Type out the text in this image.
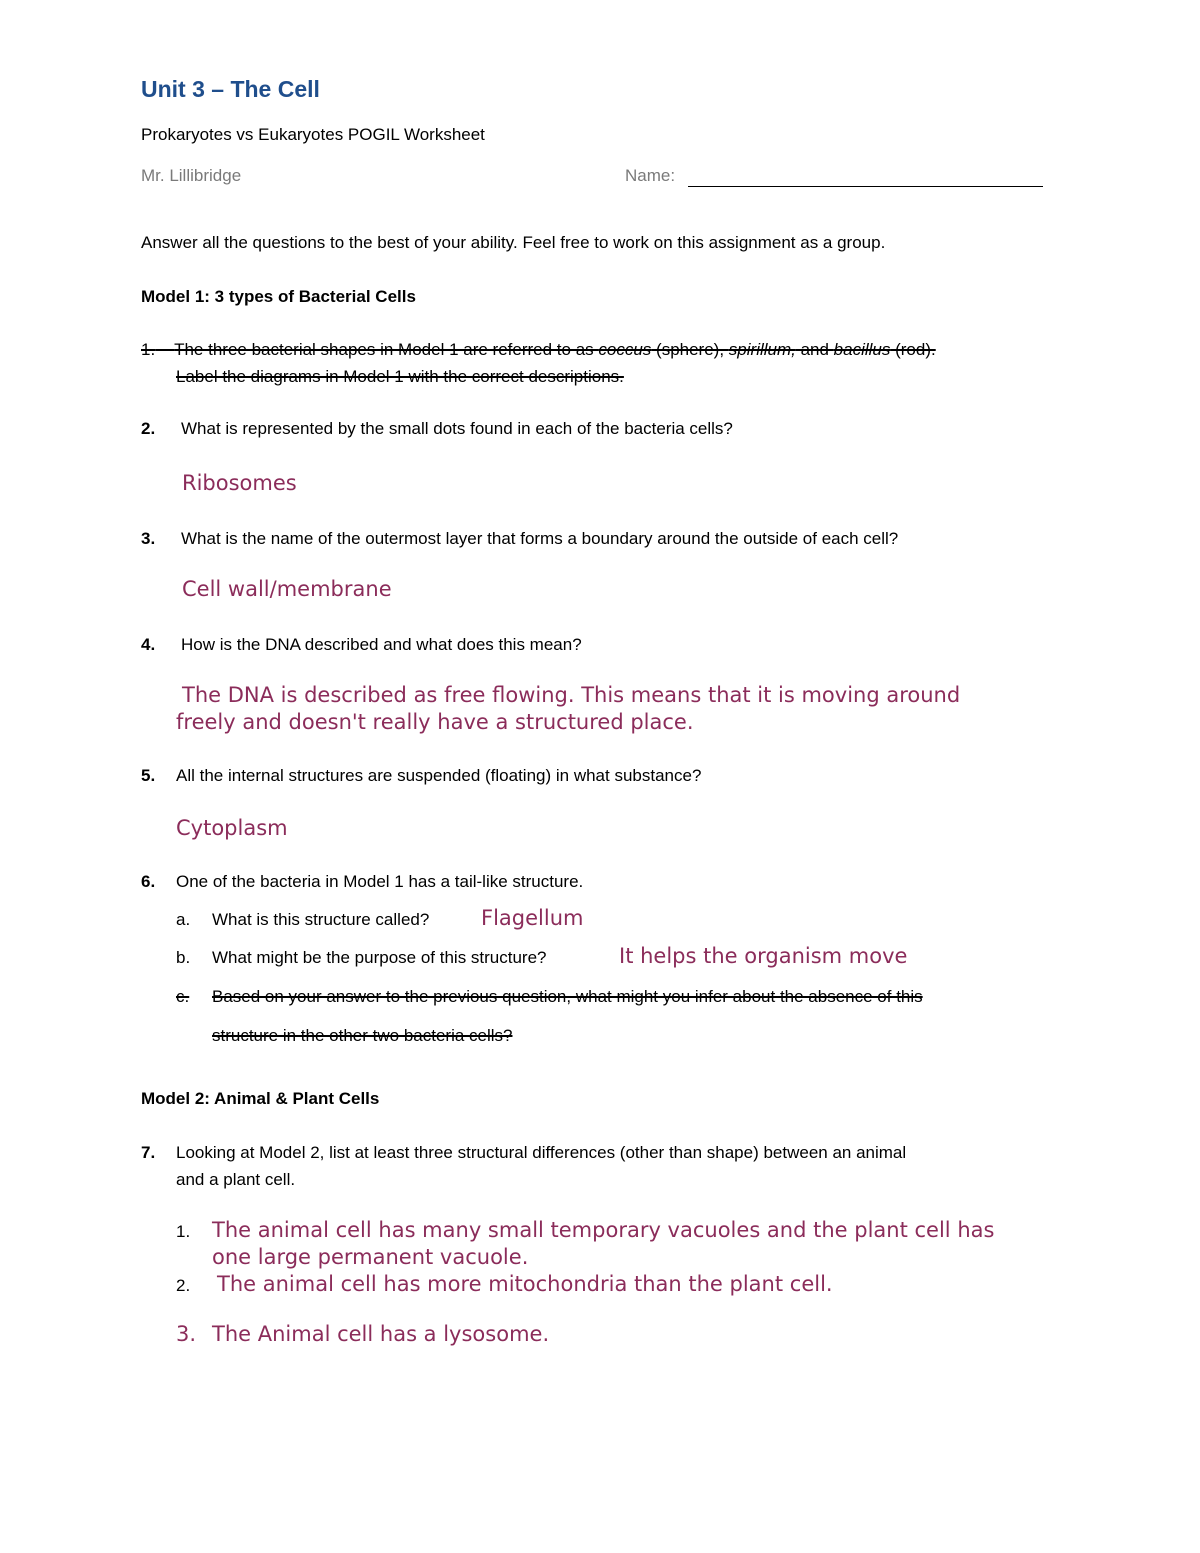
Unit 3 – The Cell
Prokaryotes vs Eukaryotes POGIL Worksheet
Mr. Lillibridge	Name:
Answer all the questions to the best of your ability. Feel free to work on this assignment as a group.
Model 1: 3 types of Bacterial Cells
1. The three bacterial shapes in Model 1 are referred to as coccus (sphere), spirillum, and bacillus (rod).
Label the diagrams in Model 1 with the correct descriptions.
2. What is represented by the small dots found in each of the bacteria cells?
Ribosomes
3. What is the name of the outermost layer that forms a boundary around the outside of each cell?
Cell wall/membrane
4. How is the DNA described and what does this mean?
The DNA is described as free flowing. This means that it is moving around
freely and doesn't really have a structured place.
5. All the internal structures are suspended (floating) in what substance?
Cytoplasm
6. One of the bacteria in Model 1 has a tail-like structure.
a. What is this structure called? Flagellum
b. What might be the purpose of this structure?	It helps the organism move
c. Based on your answer to the previous question, what might you infer about the absence of this
structure in the other two bacteria cells?
Model 2: Animal & Plant Cells
7. Looking at Model 2, list at least three structural differences (other than shape) between an animal
and a plant cell.
1. The animal cell has many small temporary vacuoles and the plant cell has
one large permanent vacuole.
2. The animal cell has more mitochondria than the plant cell.
3. The Animal cell has a lysosome.
